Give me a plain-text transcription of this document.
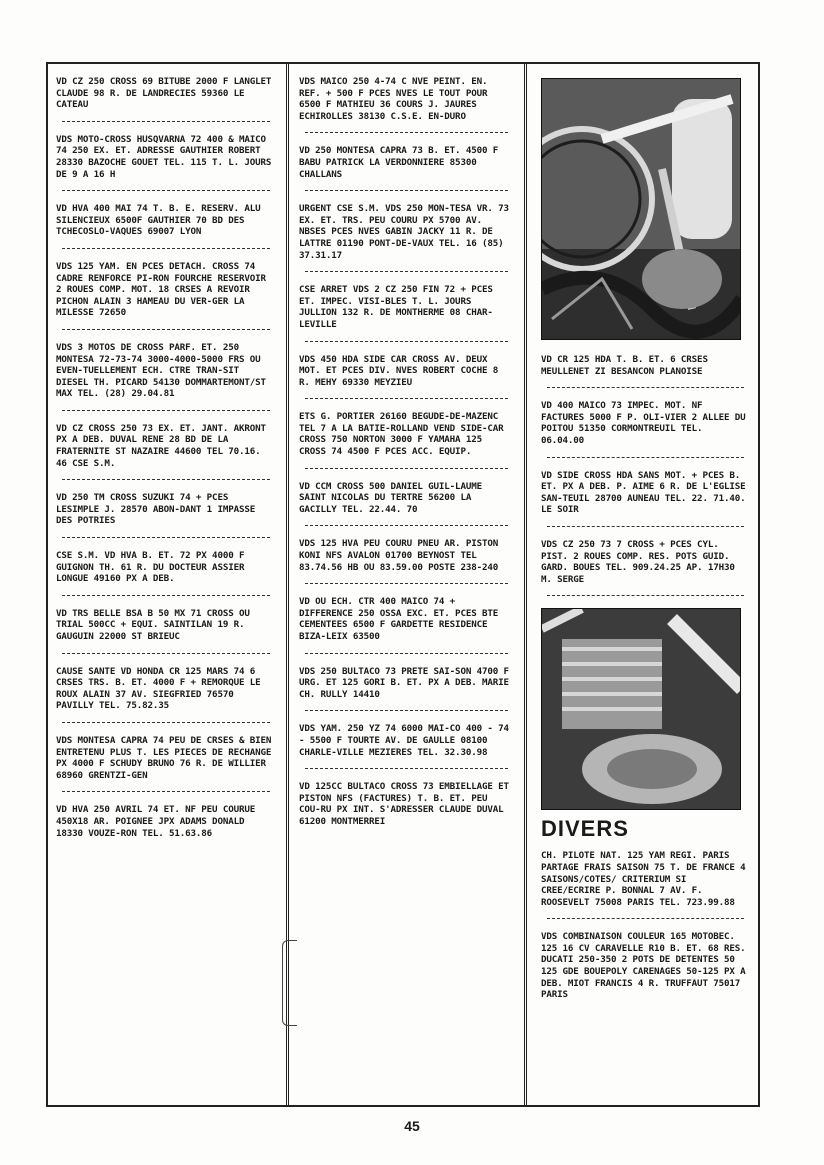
VD CZ 250 CROSS 69 BITUBE 2000 F LANGLET CLAUDE 98 R. DE LANDRECIES 59360 LE CATEAU
VDS MOTO-CROSS HUSQVARNA 72 400 & MAICO 74 250 EX. ET. ADRESSE GAUTHIER ROBERT 28330 BAZOCHE GOUET TEL. 115 T. L. JOURS DE 9 A 16 H
VD HVA 400 MAI 74 T. B. E. RESERV. ALU SILENCIEUX 6500F GAUTHIER 70 BD DES TCHECOSLO-VAQUES 69007 LYON
VDS 125 YAM. EN PCES DETACH. CROSS 74 CADRE RENFORCE PI-RON FOURCHE RESERVOIR 2 ROUES COMP. MOT. 18 CRSES A REVOIR PICHON ALAIN 3 HAMEAU DU VER-GER LA MILESSE 72650
VDS 3 MOTOS DE CROSS PARF. ET. 250 MONTESA 72-73-74 3000-4000-5000 FRS OU EVEN-TUELLEMENT ECH. CTRE TRAN-SIT DIESEL TH. PICARD 54130 DOMMARTEMONT/ST MAX TEL. (28) 29.04.81
VD CZ CROSS 250 73 EX. ET. JANT. AKRONT PX A DEB. DUVAL RENE 28 BD DE LA FRATERNITE ST NAZAIRE 44600 TEL 70.16. 46 CSE S.M.
VD 250 TM CROSS SUZUKI 74 + PCES LESIMPLE J. 28570 ABON-DANT 1 IMPASSE DES POTRIES
CSE S.M. VD HVA B. ET. 72 PX 4000 F GUIGNON TH. 61 R. DU DOCTEUR ASSIER LONGUE 49160 PX A DEB.
VD TRS BELLE BSA B 50 MX 71 CROSS OU TRIAL 500CC + EQUI. SAINTILAN 19 R. GAUGUIN 22000 ST BRIEUC
CAUSE SANTE VD HONDA CR 125 MARS 74 6 CRSES TRS. B. ET. 4000 F + REMORQUE LE ROUX ALAIN 37 AV. SIEGFRIED 76570 PAVILLY TEL. 75.82.35
VDS MONTESA CAPRA 74 PEU DE CRSES & BIEN ENTRETENU PLUS T. LES PIECES DE RECHANGE PX 4000 F SCHUDY BRUNO 76 R. DE WILLIER 68960 GRENTZI-GEN
VD HVA 250 AVRIL 74 ET. NF PEU COURUE 450X18 AR. POIGNEE JPX ADAMS DONALD 18330 VOUZE-RON TEL. 51.63.86
VDS MAICO 250 4-74 C NVE PEINT. EN. REF. + 500 F PCES NVES LE TOUT POUR 6500 F MATHIEU 36 COURS J. JAURES ECHIROLLES 38130 C.S.E. EN-DURO
VD 250 MONTESA CAPRA 73 B. ET. 4500 F BABU PATRICK LA VERDONNIERE 85300 CHALLANS
URGENT CSE S.M. VDS 250 MON-TESA VR. 73 EX. ET. TRS. PEU COURU PX 5700 AV. NBSES PCES NVES GABIN JACKY 11 R. DE LATTRE 01190 PONT-DE-VAUX TEL. 16 (85) 37.31.17
CSE ARRET VDS 2 CZ 250 FIN 72 + PCES ET. IMPEC. VISI-BLES T. L. JOURS JULLION 132 R. DE MONTHERME 08 CHAR-LEVILLE
VDS 450 HDA SIDE CAR CROSS AV. DEUX MOT. ET PCES DIV. NVES ROBERT COCHE 8 R. MEHY 69330 MEYZIEU
ETS G. PORTIER 26160 BEGUDE-DE-MAZENC TEL 7 A LA BATIE-ROLLAND VEND SIDE-CAR CROSS 750 NORTON 3000 F YAMAHA 125 CROSS 74 4500 F PCES ACC. EQUIP.
VD CCM CROSS 500 DANIEL GUIL-LAUME SAINT NICOLAS DU TERTRE 56200 LA GACILLY TEL. 22.44. 70
VDS 125 HVA PEU COURU PNEU AR. PISTON KONI NFS AVALON 01700 BEYNOST TEL 83.74.56 HB OU 83.59.00 POSTE 238-240
VD OU ECH. CTR 400 MAICO 74 + DIFFERENCE 250 OSSA EXC. ET. PCES BTE CEMENTEES 6500 F GARDETTE RESIDENCE BIZA-LEIX 63500
VDS 250 BULTACO 73 PRETE SAI-SON 4700 F URG. ET 125 GORI B. ET. PX A DEB. MARIE CH. RULLY 14410
VDS YAM. 250 YZ 74 6000 MAI-CO 400 - 74 - 5500 F TOURTE AV. DE GAULLE 08100 CHARLE-VILLE MEZIERES TEL. 32.30.98
VD 125CC BULTACO CROSS 73 EMBIELLAGE ET PISTON NFS (FACTURES) T. B. ET. PEU COU-RU PX INT. S'ADRESSER CLAUDE DUVAL 61200 MONTMERREI
VD CR 125 HDA T. B. ET. 6 CRSES MEULLENET ZI BESANCON PLANOISE
VD 400 MAICO 73 IMPEC. MOT. NF FACTURES 5000 F P. OLI-VIER 2 ALLEE DU POITOU 51350 CORMONTREUIL TEL. 06.04.00
VD SIDE CROSS HDA SANS MOT. + PCES B. ET. PX A DEB. P. AIME 6 R. DE L'EGLISE SAN-TEUIL 28700 AUNEAU TEL. 22. 71.40. LE SOIR
VDS CZ 250 73 7 CROSS + PCES CYL. PIST. 2 ROUES COMP. RES. POTS GUID. GARD. BOUES TEL. 909.24.25 AP. 17H30 M. SERGE
DIVERS
CH. PILOTE NAT. 125 YAM REGI. PARIS PARTAGE FRAIS SAISON 75 T. DE FRANCE 4 SAISONS/COTES/ CRITERIUM SI CREE/ECRIRE P. BONNAL 7 AV. F. ROOSEVELT 75008 PARIS TEL. 723.99.88
VDS COMBINAISON COULEUR 165 MOTOBEC. 125 16 CV CARAVELLE R10 B. ET. 68 RES. DUCATI 250-350 2 POTS DE DETENTES 50 125 GDE BOUEPOLY CARENAGES 50-125 PX A DEB. MIOT FRANCIS 4 R. TRUFFAUT 75017 PARIS
45
